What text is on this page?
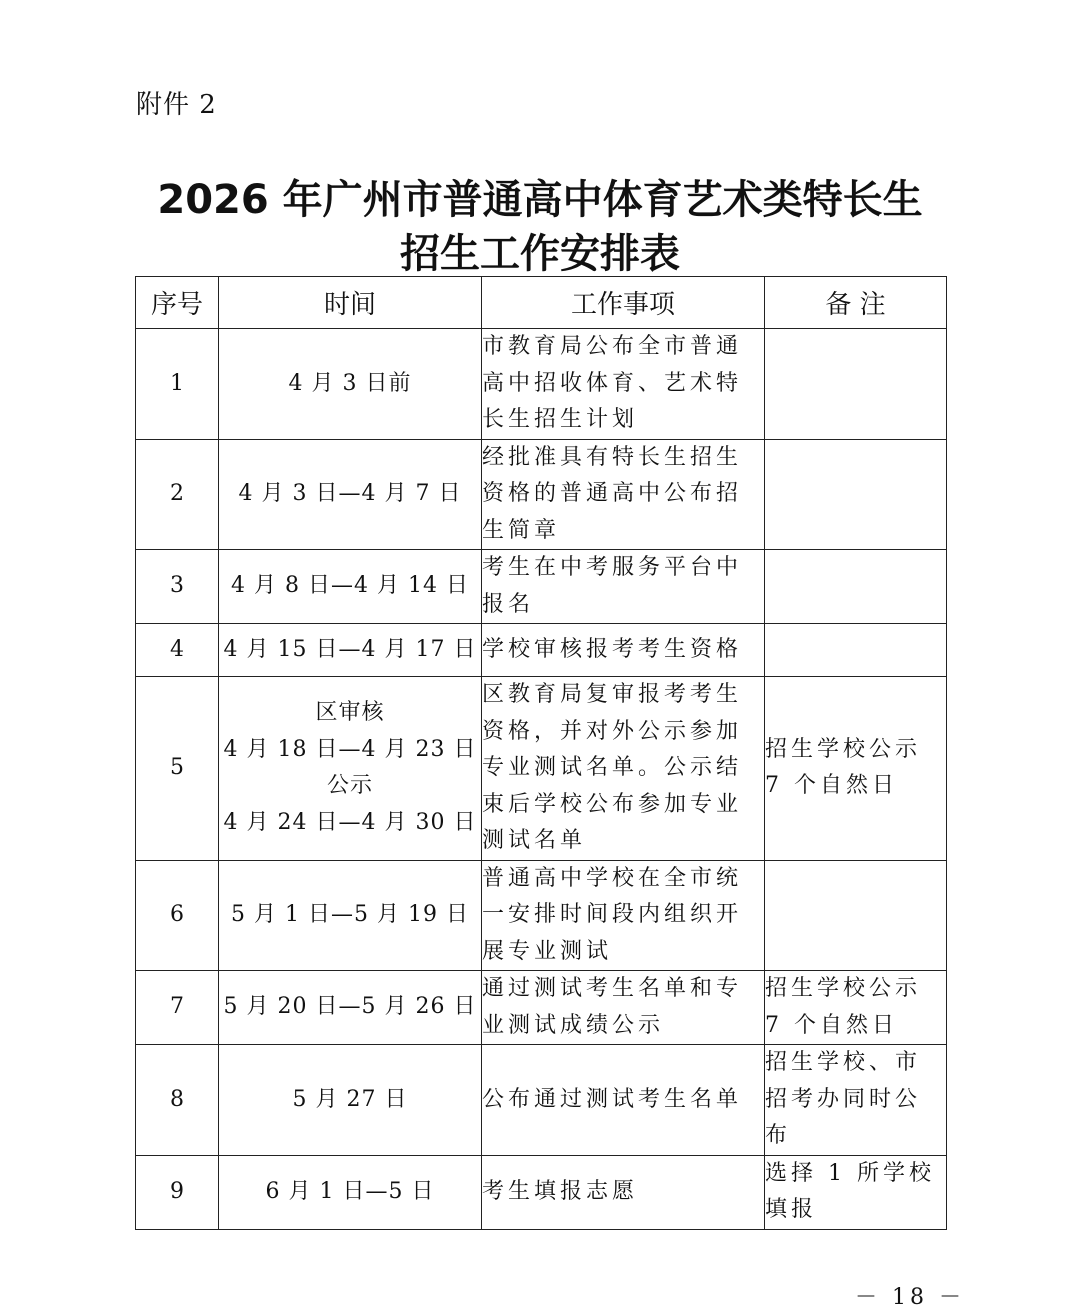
附件 2
2026 年广州市普通高中体育艺术类特长生
招生工作安排表
序号	时间	工作事项	备 注
1	4 月 3 日前	市教育局公布全市普通
高中招收体育、艺术特
长生招生计划	

2	4 月 3 日—4 月 7 日	经批准具有特长生招生
资格的普通高中公布招
生简章	

3	4 月 8 日—4 月 14 日	考生在中考服务平台中
报名	

4	4 月 15 日—4 月 17 日	学校审核报考考生资格	

5	区审核
4 月 18 日—4 月 23 日
公示
4 月 24 日—4 月 30 日	区教育局复审报考考生
资格，并对外公示参加
专业测试名单。公示结
束后学校公布参加专业
测试名单	招生学校公示
7 个自然日

6	5 月 1 日—5 月 19 日	普通高中学校在全市统
一安排时间段内组织开
展专业测试	

7	5 月 20 日—5 月 26 日	通过测试考生名单和专
业测试成绩公示	招生学校公示
7 个自然日

8	5 月 27 日	公布通过测试考生名单	招生学校、市
招考办同时公
布

9	6 月 1 日—5 日	考生填报志愿	选择 1 所学校
填报
－ 18 －
